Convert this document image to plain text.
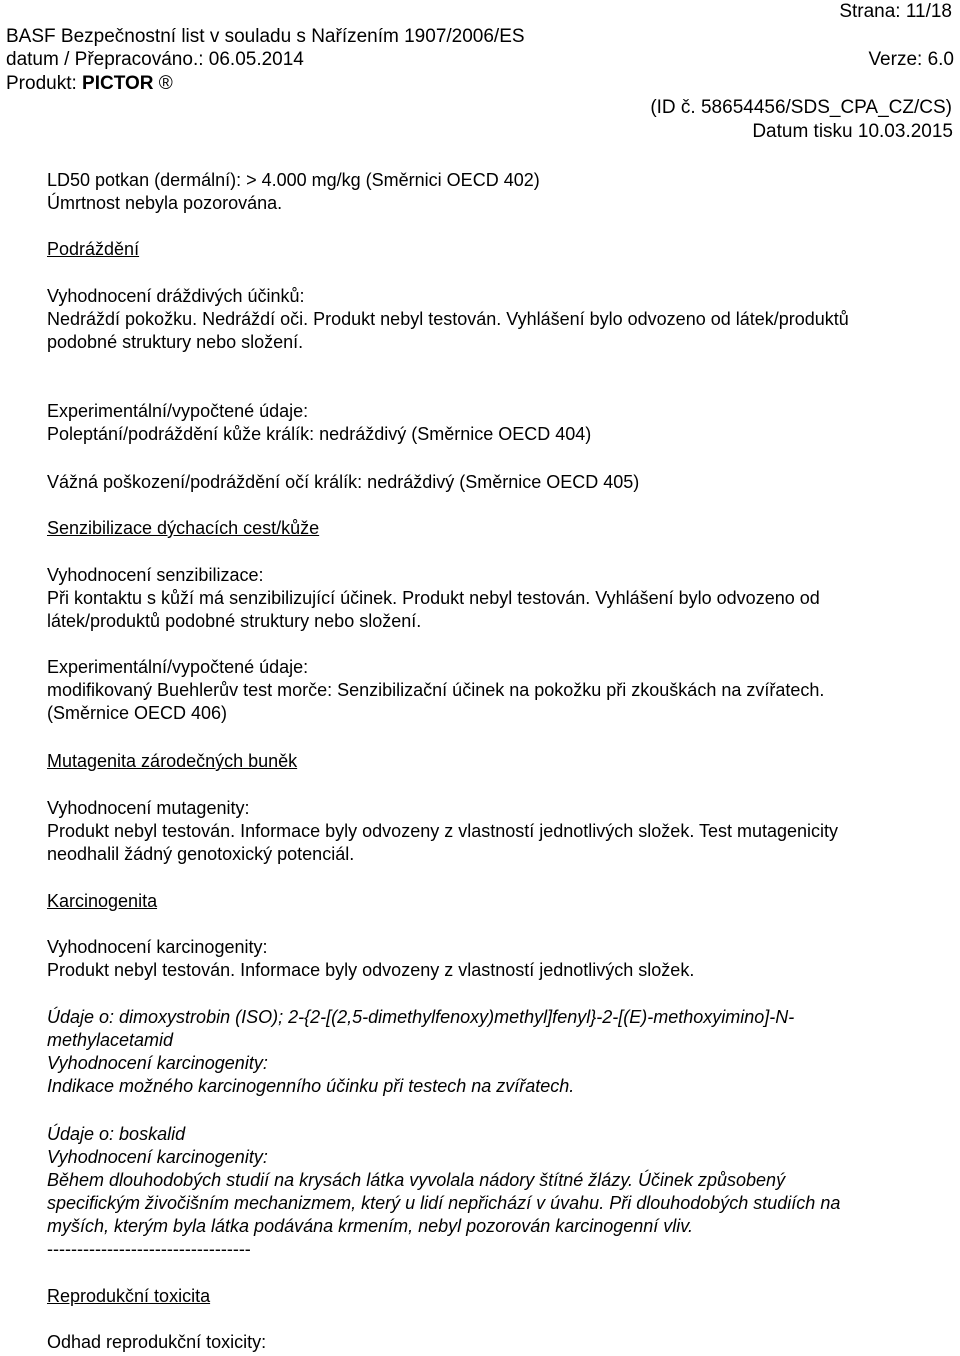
Strana: 11/18
BASF Bezpečnostní list v souladu s Nařízením 1907/2006/ES
datum / Přepracováno.: 06.05.2014	Verze: 6.0
Produkt: PICTOR ®
(ID č. 58654456/SDS_CPA_CZ/CS)
Datum tisku 10.03.2015
LD50 potkan (dermální): > 4.000 mg/kg (Směrnici OECD 402)
Úmrtnost nebyla pozorována.
Podráždění
Vyhodnocení dráždivých účinků:
Nedráždí pokožku. Nedráždí oči. Produkt nebyl testován. Vyhlášení bylo odvozeno od látek/produktů
podobné struktury nebo složení.
Experimentální/vypočtené údaje:
Poleptání/podráždění kůže králík: nedráždivý (Směrnice OECD 404)
Vážná poškození/podráždění očí králík: nedráždivý (Směrnice OECD 405)
Senzibilizace dýchacích cest/kůže
Vyhodnocení senzibilizace:
Při kontaktu s kůží má senzibilizující účinek. Produkt nebyl testován. Vyhlášení bylo odvozeno od
látek/produktů podobné struktury nebo složení.
Experimentální/vypočtené údaje:
modifikovaný Buehlerův test morče: Senzibilizační účinek na pokožku při zkouškách na zvířatech.
(Směrnice OECD 406)
Mutagenita zárodečných buněk
Vyhodnocení mutagenity:
Produkt nebyl testován. Informace byly odvozeny z vlastností jednotlivých složek. Test mutagenicity
neodhalil žádný genotoxický potenciál.
Karcinogenita
Vyhodnocení karcinogenity:
Produkt nebyl testován. Informace byly odvozeny z vlastností jednotlivých složek.
Údaje o: dimoxystrobin (ISO); 2-{2-[(2,5-dimethylfenoxy)methyl]fenyl}-2-[(E)-methoxyimino]-N-
methylacetamid
Vyhodnocení karcinogenity:
Indikace možného karcinogenního účinku při testech na zvířatech.
Údaje o: boskalid
Vyhodnocení karcinogenity:
Během dlouhodobých studií na krysách látka vyvolala nádory štítné žlázy. Účinek způsobený
specifickým živočišním mechanizmem, který u lidí nepřichází v úvahu. Při dlouhodobých studiích na
myších, kterým byla látka podávána krmením, nebyl pozorován karcinogenní vliv.
----------------------------------
Reprodukční toxicita
Odhad reprodukční toxicity:
